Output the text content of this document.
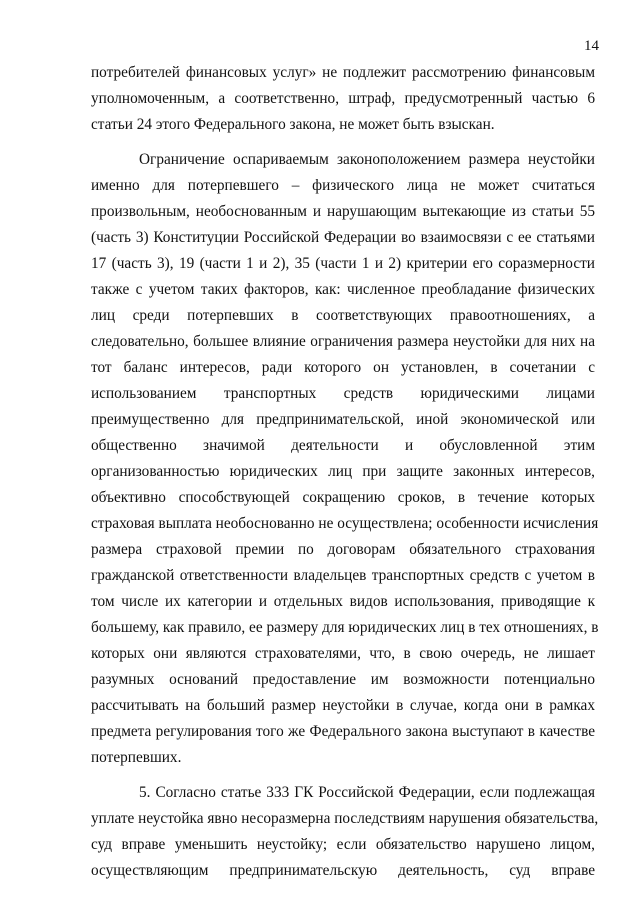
14
потребителей финансовых услуг» не подлежит рассмотрению финансовым
уполномоченным, а соответственно, штраф, предусмотренный частью 6
статьи 24 этого Федерального закона, не может быть взыскан.
Ограничение оспариваемым законоположением размера неустойки
именно для потерпевшего – физического лица не может считаться
произвольным, необоснованным и нарушающим вытекающие из статьи 55
(часть 3) Конституции Российской Федерации во взаимосвязи с ее статьями
17 (часть 3), 19 (части 1 и 2), 35 (части 1 и 2) критерии его соразмерности
также с учетом таких факторов, как: численное преобладание физических
лиц среди потерпевших в соответствующих правоотношениях, а
следовательно, большее влияние ограничения размера неустойки для них на
тот баланс интересов, ради которого он установлен, в сочетании с
использованием транспортных средств юридическими лицами
преимущественно для предпринимательской, иной экономической или
общественно значимой деятельности и обусловленной этим
организованностью юридических лиц при защите законных интересов,
объективно способствующей сокращению сроков, в течение которых
страховая выплата необоснованно не осуществлена; особенности исчисления
размера страховой премии по договорам обязательного страхования
гражданской ответственности владельцев транспортных средств с учетом в
том числе их категории и отдельных видов использования, приводящие к
большему, как правило, ее размеру для юридических лиц в тех отношениях, в
которых они являются страхователями, что, в свою очередь, не лишает
разумных оснований предоставление им возможности потенциально
рассчитывать на больший размер неустойки в случае, когда они в рамках
предмета регулирования того же Федерального закона выступают в качестве
потерпевших.
5. Согласно статье 333 ГК Российской Федерации, если подлежащая
уплате неустойка явно несоразмерна последствиям нарушения обязательства,
суд вправе уменьшить неустойку; если обязательство нарушено лицом,
осуществляющим предпринимательскую деятельность, суд вправе
